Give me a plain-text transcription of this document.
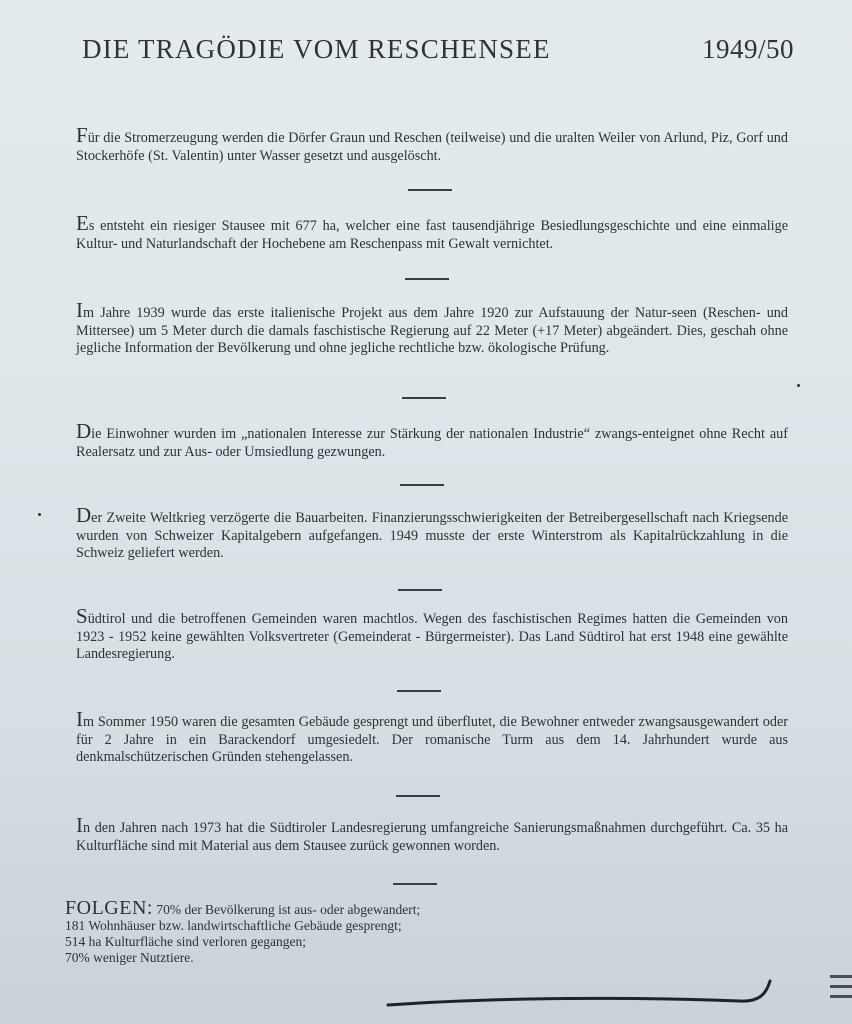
DIE TRAGÖDIE VOM RESCHENSEE	1949/50
Für die Stromerzeugung werden die Dörfer Graun und Reschen (teilweise) und die uralten Weiler von Arlund, Piz, Gorf und Stockerhöfe (St. Valentin) unter Wasser gesetzt und ausgelöscht.
Es entsteht ein riesiger Stausee mit 677 ha, welcher eine fast tausendjährige Besiedlungsgeschichte und eine einmalige Kultur- und Naturlandschaft der Hochebene am Reschenpass mit Gewalt vernichtet.
Im Jahre 1939 wurde das erste italienische Projekt aus dem Jahre 1920 zur Aufstauung der Natur-seen (Reschen- und Mittersee) um 5 Meter durch die damals faschistische Regierung auf 22 Meter (+17 Meter) abgeändert. Dies, geschah ohne jegliche Information der Bevölkerung und ohne jegliche rechtliche bzw. ökologische Prüfung.
Die Einwohner wurden im „nationalen Interesse zur Stärkung der nationalen Industrie“ zwangs-enteignet ohne Recht auf Realersatz und zur Aus- oder Umsiedlung gezwungen.
Der Zweite Weltkrieg verzögerte die Bauarbeiten. Finanzierungsschwierigkeiten der Betreibergesellschaft nach Kriegsende wurden von Schweizer Kapitalgebern aufgefangen. 1949 musste der erste Winterstrom als Kapitalrückzahlung in die Schweiz geliefert werden.
Südtirol und die betroffenen Gemeinden waren machtlos. Wegen des faschistischen Regimes hatten die Gemeinden von 1923 - 1952 keine gewählten Volksvertreter (Gemeinderat - Bürgermeister). Das Land Südtirol hat erst 1948 eine gewählte Landesregierung.
Im Sommer 1950 waren die gesamten Gebäude gesprengt und überflutet, die Bewohner entweder zwangsausgewandert oder für 2 Jahre in ein Barackendorf umgesiedelt. Der romanische Turm aus dem 14. Jahrhundert wurde aus denkmalschützerischen Gründen stehengelassen.
In den Jahren nach 1973 hat die Südtiroler Landesregierung umfangreiche Sanierungsmaßnahmen durchgeführt. Ca. 35 ha Kulturfläche sind mit Material aus dem Stausee zurück gewonnen worden.
FOLGEN: 70% der Bevölkerung ist aus- oder abgewandert;
181 Wohnhäuser bzw. landwirtschaftliche Gebäude gesprengt;
514 ha Kulturfläche sind verloren gegangen;
70% weniger Nutztiere.
